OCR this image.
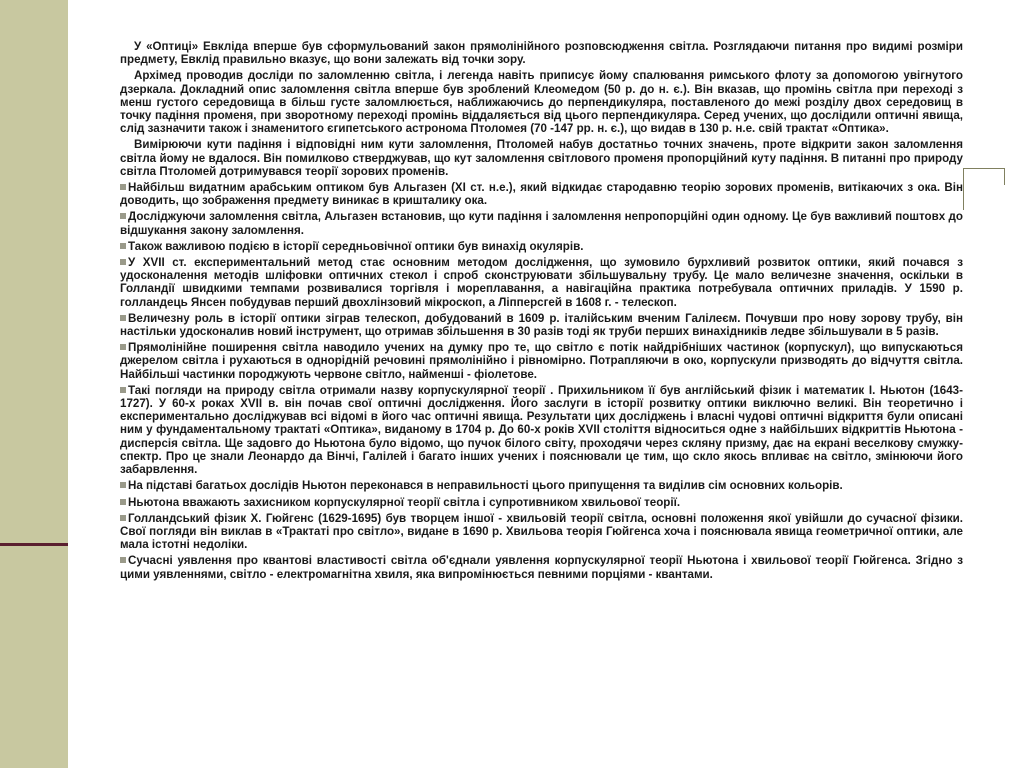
У «Оптиці» Евкліда вперше був сформульований закон прямолінійного розповсюдження світла. Розглядаючи питання про видимі розміри предмету, Евклід правильно вказує, що вони залежать від точки зору.

Архімед проводив досліди по заломленню світла, і легенда навіть приписує йому спалювання римського флоту за допомогою увігнутого дзеркала. Докладний опис заломлення світла вперше був зроблений Клеомедом (50 р. до н. є.). Він вказав, що промінь світла при переході з менш густого середовища в більш густе заломлюється, наближаючись до перпендикуляра, поставленого до межі розділу двох середовищ в точку падіння променя, при зворотному переході промінь віддаляється від цього перпендикуляра. Серед учених, що дослідили оптичні явища, слід зазначити також і знаменитого єгипетського астронома Птоломея (70 -147 рр. н. є.), що видав в 130 р. н.е. свій трактат «Оптика».

Вимірюючи кути падіння і відповідні ним кути заломлення, Птоломей набув достатньо точних значень, проте відкрити закон заломлення світла йому не вдалося. Він помилково стверджував, що кут заломлення світлового променя пропорційний куту падіння. В питанні про природу світла Птоломей дотримувався теорії зорових променів.

Найбільш видатним арабським оптиком був Альгазен (XI ст. н.е.), який відкидає стародавню теорію зорових променів, витікаючих з ока. Він доводить, що зображення предмету виникає в кришталику ока.

Досліджуючи заломлення світла, Альгазен встановив, що кути падіння і заломлення непропорційні один одному. Це був важливий поштовх до відшукання закону заломлення.

Також важливою подією в історії середньовічної оптики був винахід окулярів.

У XVII ст. експериментальний метод стає основним методом дослідження, що зумовило бурхливий розвиток оптики, який почався з удосконалення методів шліфовки оптичних стекол і спроб сконструювати збільшувальну трубу. Це мало величезне значення, оскільки в Голландії швидкими темпами розвивалися торгівля і мореплавання, а навігаційна практика потребувала оптичних приладів. У 1590 р. голландець Янсен побудував перший двохлінзовий мікроскоп, а Ліпперсгей в 1608 г. - телескоп.

Величезну роль в історії оптики зіграв телескоп, добудований в 1609 р. італійським вченим Галілеєм. Почувши про нову зорову трубу, він настільки удосконалив новий інструмент, що отримав збільшення в 30 разів тоді як труби перших винахідників ледве збільшували в 5 разів.

Прямолінійне поширення світла наводило учених на думку про те, що світло є потік найдрібніших частинок (корпускул), що випускаються джерелом світла і рухаються в однорідній речовині прямолінійно і рівномірно. Потрапляючи в око, корпускули призводять до відчуття світла. Найбільші частинки породжують червоне світло, найменші - фіолетове.

Такі погляди на природу світла отримали назву корпускулярної теорії . Прихильником її був англійський фізик і математик І. Ньютон (1643-1727). У 60-х роках XVII в. він почав свої оптичні дослідження. Його заслуги в історії розвитку оптики виключно великі. Він теоретично і експериментально досліджував всі відомі в його час оптичні явища. Результати цих досліджень і власні чудові оптичні відкриття були описані ним у фундаментальному трактаті «Оптика», виданому в 1704 р. До 60-х років XVII століття відноситься одне з найбільших відкриттів Ньютона - дисперсія світла. Ще задовго до Ньютона було відомо, що пучок білого світу, проходячи через скляну призму, дає на екрані веселкову смужку-спектр. Про це знали Леонардо да Вінчі, Галілей і багато інших учених і пояснювали це тим, що скло якось впливає на світло, змінюючи його забарвлення.

На підставі багатьох дослідів Ньютон переконався в неправильності цього припущення та виділив сім основних кольорів.

Ньютона вважають захисником корпускулярної теорії світла і супротивником хвильової теорії.

Голландський фізик Х. Гюйгенс (1629-1695) був творцем іншої - хвильовій теорії світла, основні положення якої увійшли до сучасної фізики. Свої погляди він виклав в «Трактаті про світло», видане в 1690 р. Хвильова теорія Гюйгенса хоча і пояснювала явища геометричної оптики, але мала істотні недоліки.

Сучасні уявлення про квантові властивості світла об'єднали уявлення корпускулярної теорії Ньютона і хвильової теорії Гюйгенса. Згідно з цими уявленнями, світло - електромагнітна хвиля, яка випромінюється певними порціями - квантами.
